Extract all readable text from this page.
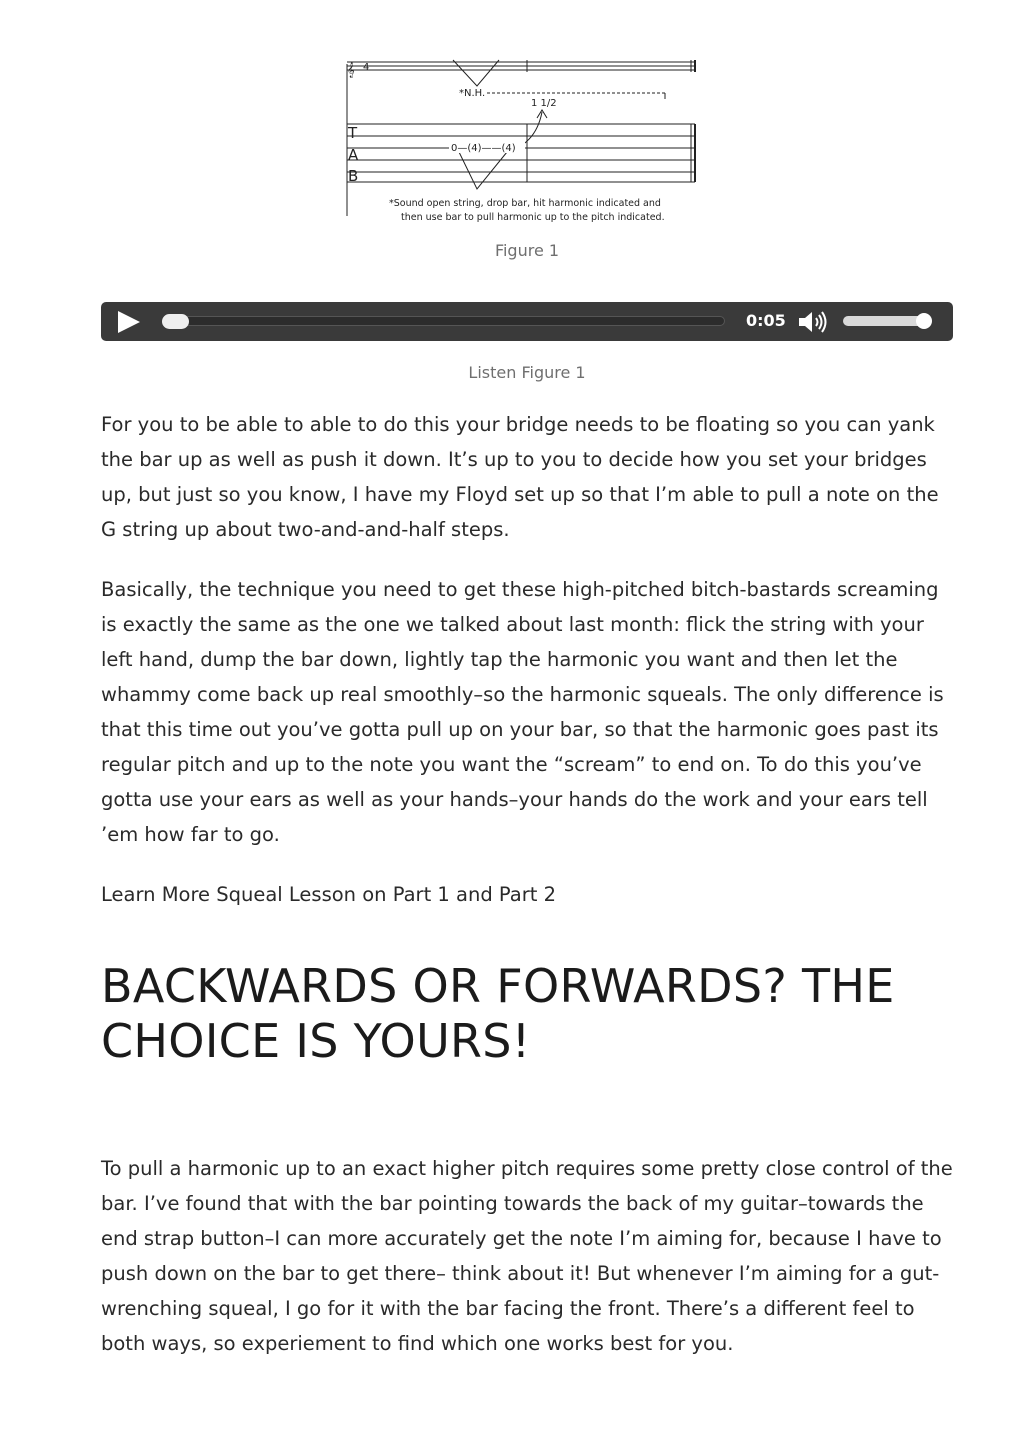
𝄞 4
*N.H.
1 1/2
T
A
B
0—(4)——(4)
*Sound open string, drop bar, hit harmonic indicated and
then use bar to pull harmonic up to the pitch indicated.
Figure 1
0:05
Listen Figure 1

For you to be able to able to do this your bridge needs to be floating so you can yank the bar up as well as push it down. It’s up to you to decide how you set your bridges up, but just so you know, I have my Floyd set up so that I’m able to pull a note on the G string up about two-and-and-half steps.

Basically, the technique you need to get these high-pitched bitch-bastards screaming is exactly the same as the one we talked about last month: flick the string with your left hand, dump the bar down, lightly tap the harmonic you want and then let the whammy come back up real smoothly–so the harmonic squeals. The only difference is that this time out you’ve gotta pull up on your bar, so that the harmonic goes past its regular pitch and up to the note you want the “scream” to end on. To do this you’ve gotta use your ears as well as your hands–your hands do the work and your ears tell ’em how far to go.

Learn More Squeal Lesson on Part 1 and Part 2

BACKWARDS OR FORWARDS? THE CHOICE IS YOURS!

To pull a harmonic up to an exact higher pitch requires some pretty close control of the bar. I’ve found that with the bar pointing towards the back of my guitar–towards the end strap button–I can more accurately get the note I’m aiming for, because I have to push down on the bar to get there– think about it! But whenever I’m aiming for a gut-wrenching squeal, I go for it with the bar facing the front. There’s a different feel to both ways, so experiement to find which one works best for you.
